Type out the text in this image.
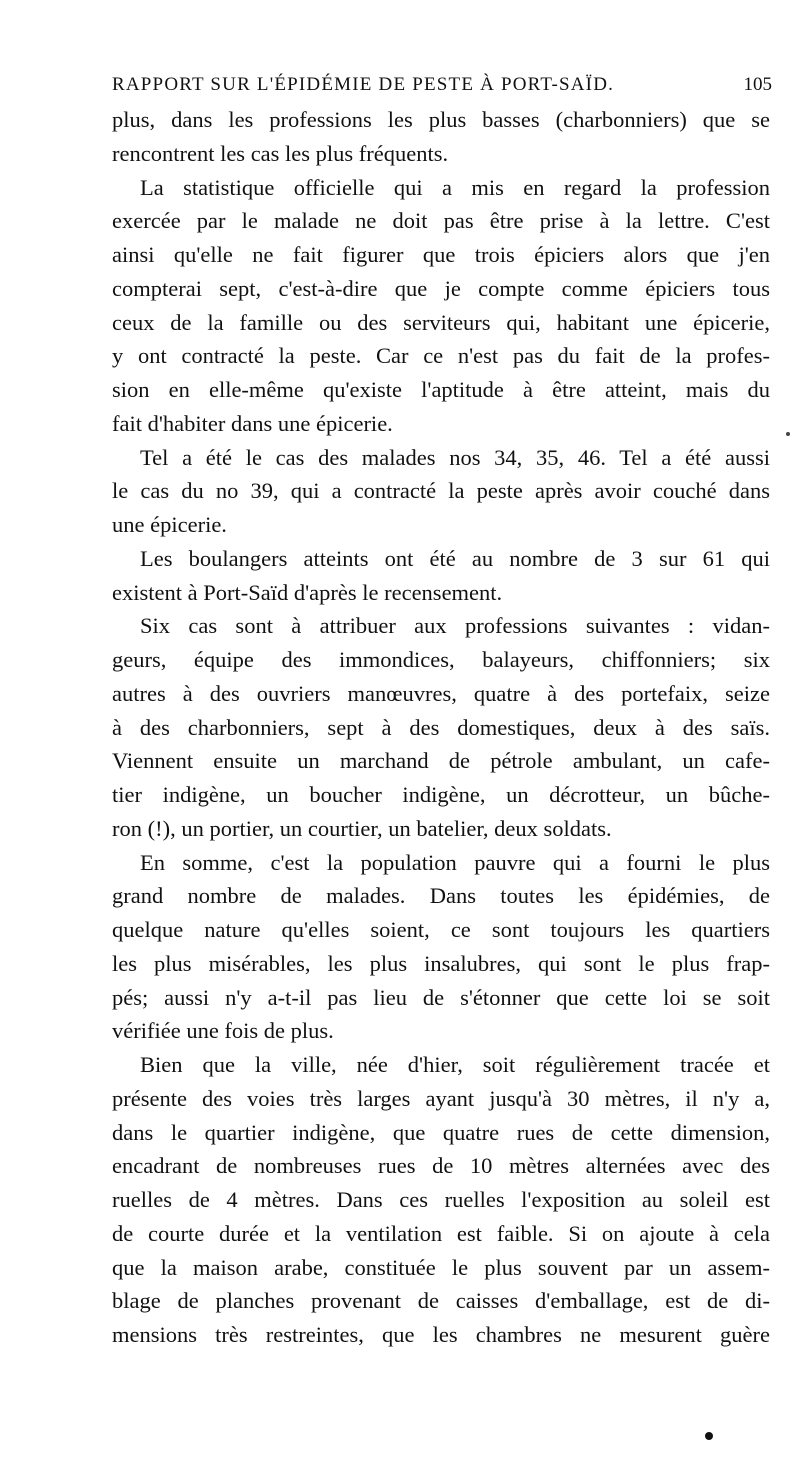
RAPPORT SUR L'ÉPIDÉMIE DE PESTE À PORT-SAÏD.	105
plus, dans les professions les plus basses (charbonniers) que se
rencontrent les cas les plus fréquents.
La statistique officielle qui a mis en regard la profession
exercée par le malade ne doit pas être prise à la lettre. C'est
ainsi qu'elle ne fait figurer que trois épiciers alors que j'en
compterai sept, c'est-à-dire que je compte comme épiciers tous
ceux de la famille ou des serviteurs qui, habitant une épicerie,
y ont contracté la peste. Car ce n'est pas du fait de la profes-
sion en elle-même qu'existe l'aptitude à être atteint, mais du
fait d'habiter dans une épicerie.
Tel a été le cas des malades nos 34, 35, 46. Tel a été aussi
le cas du no 39, qui a contracté la peste après avoir couché dans
une épicerie.
Les boulangers atteints ont été au nombre de 3 sur 61 qui
existent à Port-Saïd d'après le recensement.
Six cas sont à attribuer aux professions suivantes : vidan-
geurs, équipe des immondices, balayeurs, chiffonniers; six
autres à des ouvriers manœuvres, quatre à des portefaix, seize
à des charbonniers, sept à des domestiques, deux à des saïs.
Viennent ensuite un marchand de pétrole ambulant, un cafe-
tier indigène, un boucher indigène, un décrotteur, un bûche-
ron (!), un portier, un courtier, un batelier, deux soldats.
En somme, c'est la population pauvre qui a fourni le plus
grand nombre de malades. Dans toutes les épidémies, de
quelque nature qu'elles soient, ce sont toujours les quartiers
les plus misérables, les plus insalubres, qui sont le plus frap-
pés; aussi n'y a-t-il pas lieu de s'étonner que cette loi se soit
vérifiée une fois de plus.
Bien que la ville, née d'hier, soit régulièrement tracée et
présente des voies très larges ayant jusqu'à 30 mètres, il n'y a,
dans le quartier indigène, que quatre rues de cette dimension,
encadrant de nombreuses rues de 10 mètres alternées avec des
ruelles de 4 mètres. Dans ces ruelles l'exposition au soleil est
de courte durée et la ventilation est faible. Si on ajoute à cela
que la maison arabe, constituée le plus souvent par un assem-
blage de planches provenant de caisses d'emballage, est de di-
mensions très restreintes, que les chambres ne mesurent guère
